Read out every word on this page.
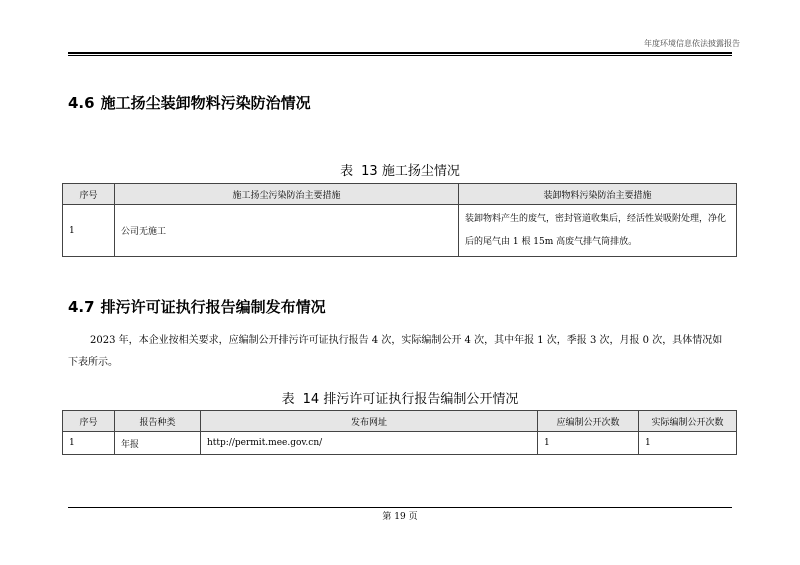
年度环境信息依法披露报告
4.6 施工扬尘装卸物料污染防治情况
表 13 施工扬尘情况
序号	施工扬尘污染防治主要措施	装卸物料污染防治主要措施
1	公司无施工	装卸物料产生的废气，密封管道收集后，经活性炭吸附处理，净化后的尾气由 1 根 15m 高废气排气筒排放。
4.7 排污许可证执行报告编制发布情况
2023 年，本企业按相关要求，应编制公开排污许可证执行报告 4 次，实际编制公开 4 次，其中年报 1 次，季报 3 次，月报 0 次，具体情况如下表所示。
表 14 排污许可证执行报告编制公开情况
序号	报告种类	发布网址	应编制公开次数	实际编制公开次数
1	年报	http://permit.mee.gov.cn/	1	1
第 19 页
